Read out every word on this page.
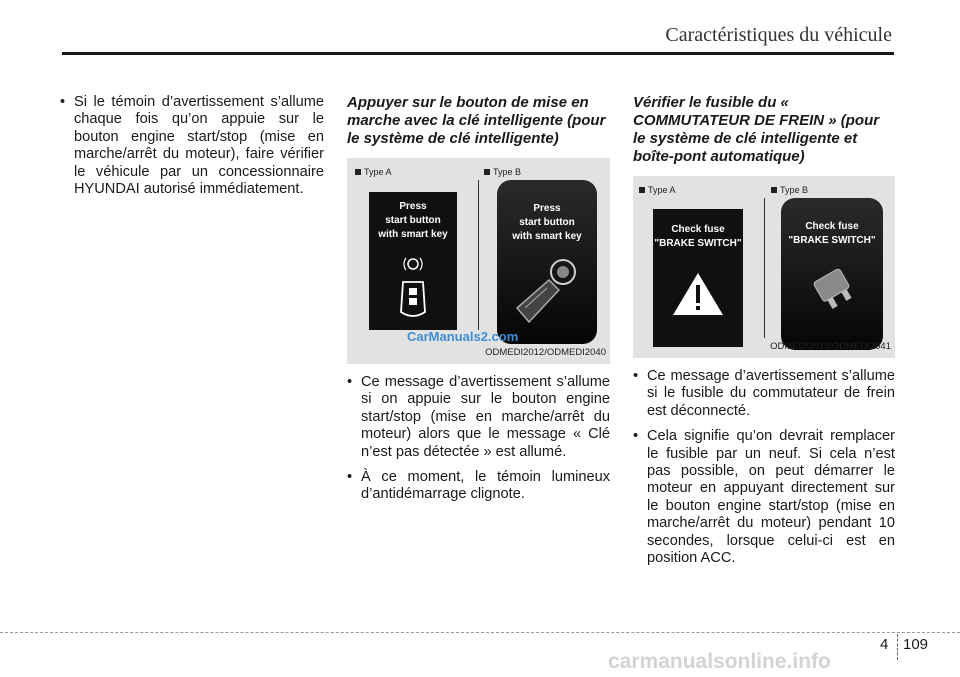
Caractéristiques du véhicule

• Si le témoin d’avertissement s’allume chaque fois qu’on appuie sur le bouton engine start/stop (mise en marche/arrêt du moteur), faire vérifier le véhicule par un concessionnaire HYUNDAI autorisé immédiatement.

Appuyer sur le bouton de mise en marche avec la clé intelligente (pour le système de clé intelligente)
Type A	Type B
Press
start button
with smart key
Press
start button
with smart key
CarManuals2.com
ODMEDI2012/ODMEDI2040

• Ce message d’avertissement s’allume si on appuie sur le bouton engine start/stop (mise en marche/arrêt du moteur) alors que le message « Clé n’est pas détectée » est allumé.

• À ce moment, le témoin lumineux d’antidémarrage clignote.

Vérifier le fusible du « COMMUTATEUR DE FREIN » (pour le système de clé intelligente et boîte-pont automatique)
Type A	Type B
Check fuse
"BRAKE SWITCH"
Check fuse
"BRAKE SWITCH"
ODMEDI2013/ODMEDI2041

• Ce message d’avertissement s’allume si le fusible du commutateur de frein est déconnecté.

• Cela signifie qu’on devrait remplacer le fusible par un neuf. Si cela n’est pas possible, on peut démarrer le moteur en appuyant directement sur le bouton engine start/stop (mise en marche/arrêt du moteur) pendant 10 secondes, lorsque celui-ci est en position ACC.

4 109
carmanualsonline.info
